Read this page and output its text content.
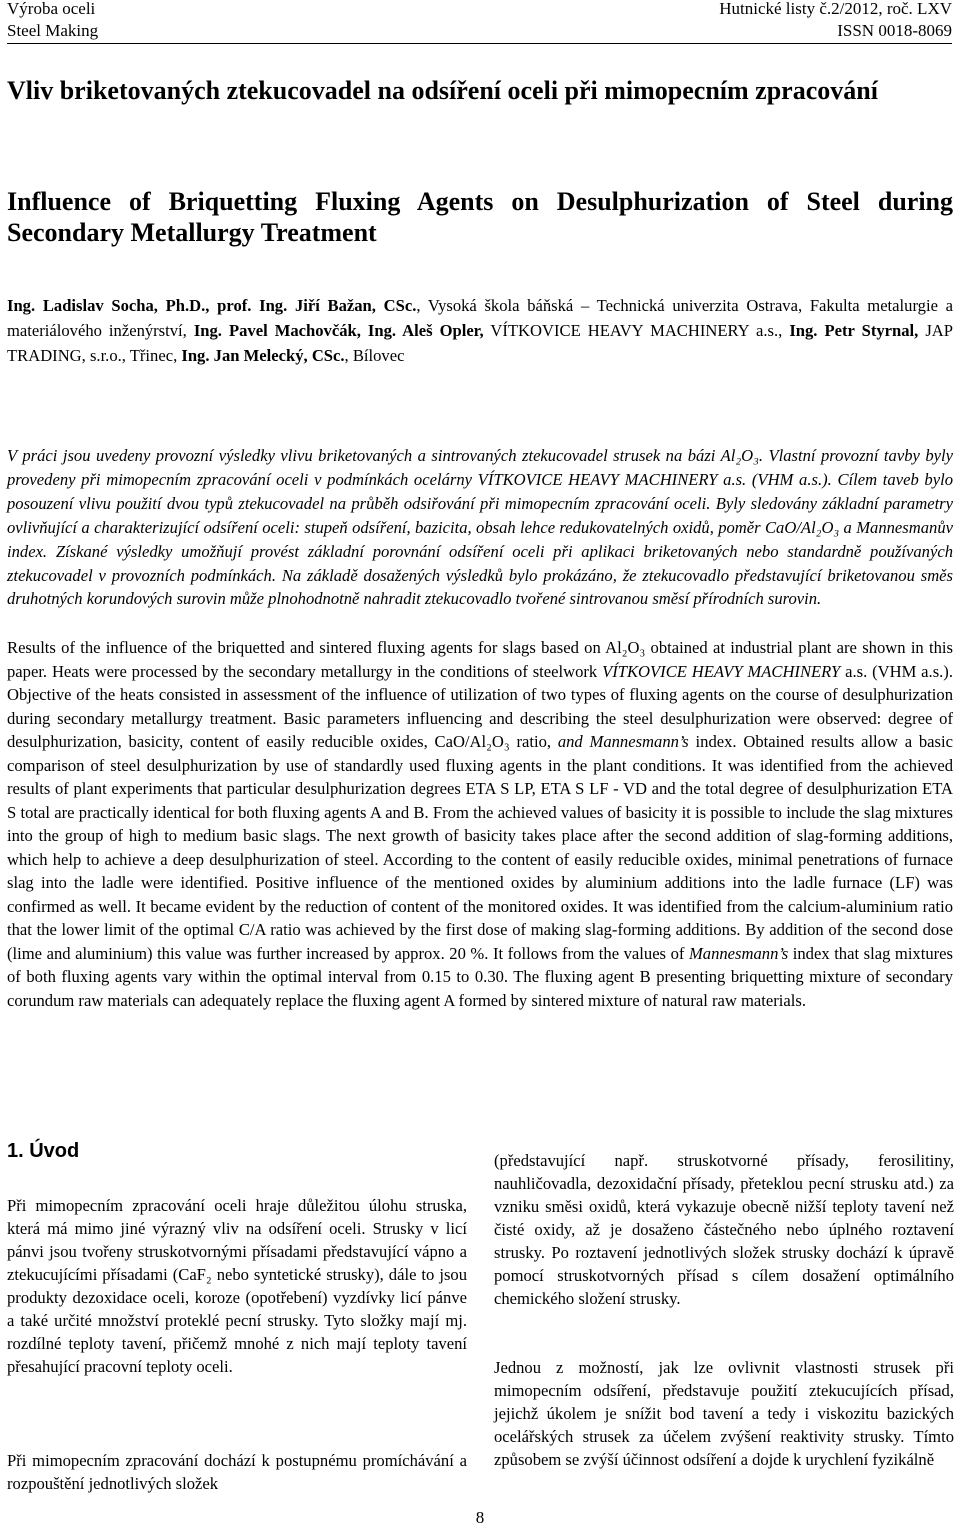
Výroba oceli
Steel Making
Hutnické listy č.2/2012, roč. LXV
ISSN 0018-8069
Vliv briketovaných ztekucovadel na odsíření oceli při mimopecním zpracování
Influence of Briquetting Fluxing Agents on Desulphurization of Steel during Secondary Metallurgy Treatment

Ing. Ladislav Socha, Ph.D., prof. Ing. Jiří Bažan, CSc., Vysoká škola báňská – Technická univerzita Ostrava, Fakulta metalurgie a materiálového inženýrství, Ing. Pavel Machovčák, Ing. Aleš Opler, VÍTKOVICE HEAVY MACHINERY a.s., Ing. Petr Styrnal, JAP TRADING, s.r.o., Třinec, Ing. Jan Melecký, CSc., Bílovec

V práci jsou uvedeny provozní výsledky vlivu briketovaných a sintrovaných ztekucovadel strusek na bázi Al₂O₃. Vlastní provozní tavby byly provedeny při mimopecním zpracování oceli v podmínkách ocelárny VÍTKOVICE HEAVY MACHINERY a.s. (VHM a.s.). Cílem taveb bylo posouzení vlivu použití dvou typů ztekucovadel na průběh odsiřování při mimopecním zpracování oceli. Byly sledovány základní parametry ovlivňující a charakterizující odsíření oceli: stupeň odsíření, bazicita, obsah lehce redukovatelných oxidů, poměr CaO/Al₂O₃ a Mannesmanův index. Získané výsledky umožňují provést základní porovnání odsíření oceli při aplikaci briketovaných nebo standardně používaných ztekucovadel v provozních podmínkách. Na základě dosažených výsledků bylo prokázáno, že ztekucovadlo představující briketovanou směs druhotných korundových surovin může plnohodnotně nahradit ztekucovadlo tvořené sintrovanou směsí přírodních surovin.

Results of the influence of the briquetted and sintered fluxing agents for slags based on Al₂O₃ obtained at industrial plant are shown in this paper. Heats were processed by the secondary metallurgy in the conditions of steelwork VÍTKOVICE HEAVY MACHINERY a.s. (VHM a.s.). Objective of the heats consisted in assessment of the influence of utilization of two types of fluxing agents on the course of desulphurization during secondary metallurgy treatment. Basic parameters influencing and describing the steel desulphurization were observed: degree of desulphurization, basicity, content of easily reducible oxides, CaO/Al₂O₃ ratio, and Mannesmann’s index. Obtained results allow a basic comparison of steel desulphurization by use of standardly used fluxing agents in the plant conditions. It was identified from the achieved results of plant experiments that particular desulphurization degrees ETA S LP, ETA S LF - VD and the total degree of desulphurization ETA S total are practically identical for both fluxing agents A and B. From the achieved values of basicity it is possible to include the slag mixtures into the group of high to medium basic slags. The next growth of basicity takes place after the second addition of slag-forming additions, which help to achieve a deep desulphurization of steel. According to the content of easily reducible oxides, minimal penetrations of furnace slag into the ladle were identified. Positive influence of the mentioned oxides by aluminium additions into the ladle furnace (LF) was confirmed as well. It became evident by the reduction of content of the monitored oxides. It was identified from the calcium-aluminium ratio that the lower limit of the optimal C/A ratio was achieved by the first dose of making slag-forming additions. By addition of the second dose (lime and aluminium) this value was further increased by approx. 20 %. It follows from the values of Mannesmann’s index that slag mixtures of both fluxing agents vary within the optimal interval from 0.15 to 0.30. The fluxing agent B presenting briquetting mixture of secondary corundum raw materials can adequately replace the fluxing agent A formed by sintered mixture of natural raw materials.

1. Úvod

Při mimopecním zpracování oceli hraje důležitou úlohu struska, která má mimo jiné výrazný vliv na odsíření oceli. Strusky v licí pánvi jsou tvořeny struskotvornými přísadami představující vápno a ztekucujícími přísadami (CaF₂ nebo syntetické strusky), dále to jsou produkty dezoxidace oceli, koroze (opotřebení) vyzdívky licí pánve a také určité množství proteklé pecní strusky. Tyto složky mají mj. rozdílné teploty tavení, přičemž mnohé z nich mají teploty tavení přesahující pracovní teploty oceli.

Při mimopecním zpracování dochází k postupnému promíchávání a rozpouštění jednotlivých složek

(představující např. struskotvorné přísady, ferosilitiny, nauhličovadla, dezoxidační přísady, přeteklou pecní strusku atd.) za vzniku směsi oxidů, která vykazuje obecně nižší teploty tavení než čisté oxidy, až je dosaženo částečného nebo úplného roztavení strusky. Po roztavení jednotlivých složek strusky dochází k úpravě pomocí struskotvorných přísad s cílem dosažení optimálního chemického složení strusky.

Jednou z možností, jak lze ovlivnit vlastnosti strusek při mimopecním odsíření, představuje použití ztekucujících přísad, jejichž úkolem je snížit bod tavení a tedy i viskozitu bazických ocelářských strusek za účelem zvýšení reaktivity strusky. Tímto způsobem se zvýší účinnost odsíření a dojde k urychlení fyzikálně

8
